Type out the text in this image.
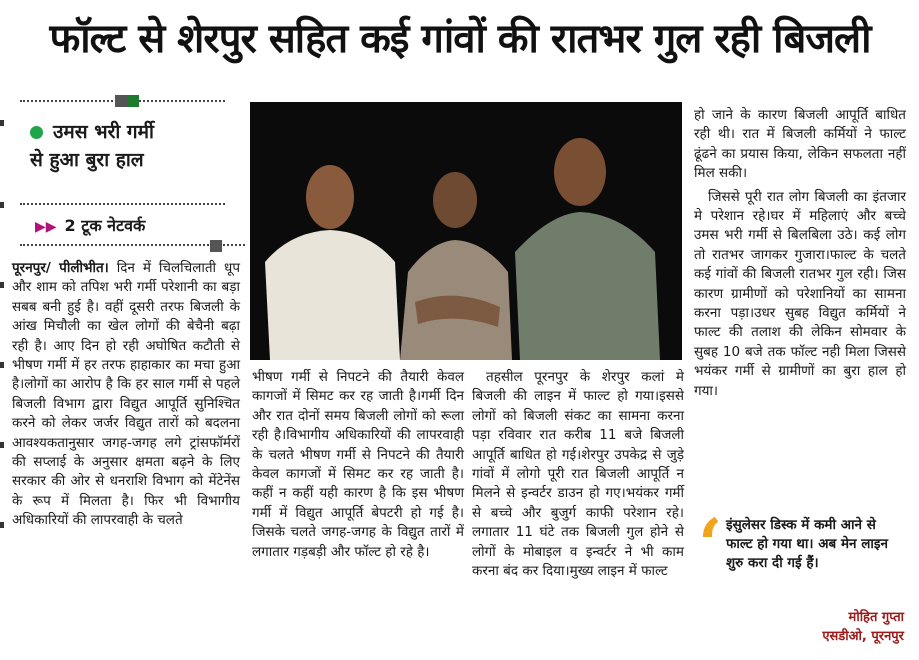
फॉल्ट से शेरपुर सहित कई गांवों की रातभर गुल रही बिजली
उमस भरी गर्मी
से हुआ बुरा हाल
▶▶ 2 टूक नेटवर्क
पूरनपुर/ पीलीभीत। दिन में चिलचिलाती धूप और शाम को तपिश भरी गर्मी परेशानी का बड़ा सबब बनी हुई है। वहीं दूसरी तरफ बिजली के आंख मिचौली का खेल लोगों की बेचैनी बढ़ा रही है। आए दिन हो रही अघोषित कटौती से भीषण गर्मी में हर तरफ हाहाकार का मचा हुआ है।लोगों का आरोप है कि हर साल गर्मी से पहले बिजली विभाग द्वारा विद्युत आपूर्ति सुनिश्चित करने को लेकर जर्जर विद्युत तारों को बदलना आवश्यकतानुसार जगह-जगह लगे ट्रांसफॉर्मरों की सप्लाई के अनुसार क्षमता बढ़ने के लिए सरकार की ओर से धनराशि विभाग को मेंटेनेंस के रूप में मिलता है। फिर भी विभागीय अधिकारियों की लापरवाही के चलते
भीषण गर्मी से निपटने की तैयारी केवल कागजों में सिमट कर रह जाती है।गर्मी दिन और रात दोनों समय बिजली लोगों को रूला रही है।विभागीय अधिकारियों की लापरवाही के चलते भीषण गर्मी से निपटने की तैयारी केवल कागजों में सिमट कर रह जाती है। कहीं न कहीं यही कारण है कि इस भीषण गर्मी में विद्युत आपूर्ति बेपटरी हो गई है।जिसके चलते जगह-जगह के विद्युत तारों में लगातार गड़बड़ी और फॉल्ट हो रहे है।
तहसील पूरनपुर के शेरपुर कलां मे बिजली की लाइन में फाल्ट हो गया।इससे लोगों को बिजली संकट का सामना करना पड़ा रविवार रात करीब 11 बजे बिजली आपूर्ति बाधित हो गई।शेरपुर उपकेद्र से जुड़े गांवों में लोगो पूरी रात बिजली आपूर्ति न मिलने से इन्वर्टर डाउन हो गए।भयंकर गर्मी से बच्चे और बुजुर्ग काफी परेशान रहे।लगातार 11 घंटे तक बिजली गुल होने से लोगों के मोबाइल व इन्वर्टर ने भी काम करना बंद कर दिया।मुख्य लाइन में फाल्ट
हो जाने के कारण बिजली आपूर्ति बाधित रही थी। रात में बिजली कर्मियों ने फाल्ट ढूंढने का प्रयास किया, लेकिन सफलता नहीं मिल सकी।
जिससे पूरी रात लोग बिजली का इंतजार मे परेशान रहे।घर में महिलाएं और बच्चे उमस भरी गर्मी से बिलबिला उठे। कई लोग तो रातभर जागकर गुजारा।फाल्ट के चलते कई गांवों की बिजली रातभर गुल रही। जिस कारण ग्रामीणों को परेशानियों का सामना करना पड़ा।उधर सुबह विद्युत कर्मियों ने फाल्ट की तलाश की लेकिन सोमवार के सुबह 10 बजे तक फॉल्ट नही मिला जिससे भयंकर गर्मी से ग्रामीणों का बुरा हाल हो गया।
‘ इंसुलेसर डिस्क में कमी आने से फाल्ट हो गया था। अब मेन लाइन शुरु करा दी गई हैं।
मोहित गुप्ता
एसडीओ, पूरनपुर
